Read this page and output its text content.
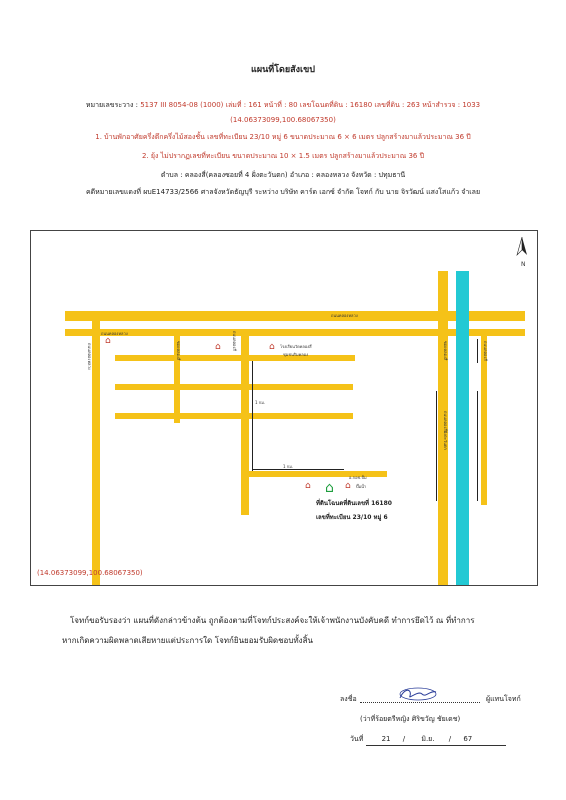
แผนที่โดยสังเขป
หมายเลขระวาง : 5137 III 8054-08 (1000) เล่มที่ : 161 หน้าที่ : 80 เลขโฉนดที่ดิน : 16180 เลขที่ดิน : 263 หน้าสำรวจ : 1033
(14.06373099,100.68067350)
1. บ้านพักอาศัยครึ่งตึกครึ่งไม้สองชั้น เลขที่ทะเบียน 23/10 หมู่ 6 ขนาดประมาณ 6 × 6 เมตร ปลูกสร้างมาแล้วประมาณ 36 ปี
2. ยุ้ง ไม่ปรากฏเลขที่ทะเบียน ขนาดประมาณ 10 × 1.5 เมตร ปลูกสร้างมาแล้วประมาณ 36 ปี
ตำบล : คลองสี่(คลองซอยที่ 4 ฝั่งตะวันตก) อำเภอ : คลองหลวง จังหวัด : ปทุมธานี
คดีหมายเลขแดงที่ ผบE14733/2566 ศาลจังหวัดธัญบุรี ระหว่าง บริษัท คาร์ด เอกซ์ จำกัด โจทก์ กับ นาย จิรวัฒน์ แสงโสแก้ว จำเลย
N
ถนนคลองหลวง
ถนนคลองหลวง
ถนนคลองหลวง	ซอยคลองสี่	ถนนคลองสี่
ถนนคลองสี่
ซอยคลองสี่
ถนนคลองสี่ฝั่งตะวันตก
⌂
⌂	⌂ โรงเรียนวัดคลองสี่
ชุมชนริมคลอง
1 กม.
1 กม.
อ.กอช.ปั้ม
⌂ ⌂ ⌂ ปั๊มน้ำ
ที่ดินโฉนดที่ดินเลขที่ 16180
เลขที่ทะเบียน 23/10 หมู่ 6
(14.06373099,100.68067350)
โจทก์ขอรับรองว่า แผนที่ดังกล่าวข้างต้น ถูกต้องตามที่โจทก์ประสงค์จะให้เจ้าพนักงานบังคับคดี ทำการยึดไว้ ณ ที่ทำการ
หากเกิดความผิดพลาดเสียหายแต่ประการใด โจทก์ยินยอมรับผิดชอบทั้งสิ้น
ลงชื่อ	ผู้แทนโจทก์
(ว่าที่ร้อยตรีหญิง ศิริขวัญ ชัยเดช)
วันที่	21 / มิ.ย. / 67
